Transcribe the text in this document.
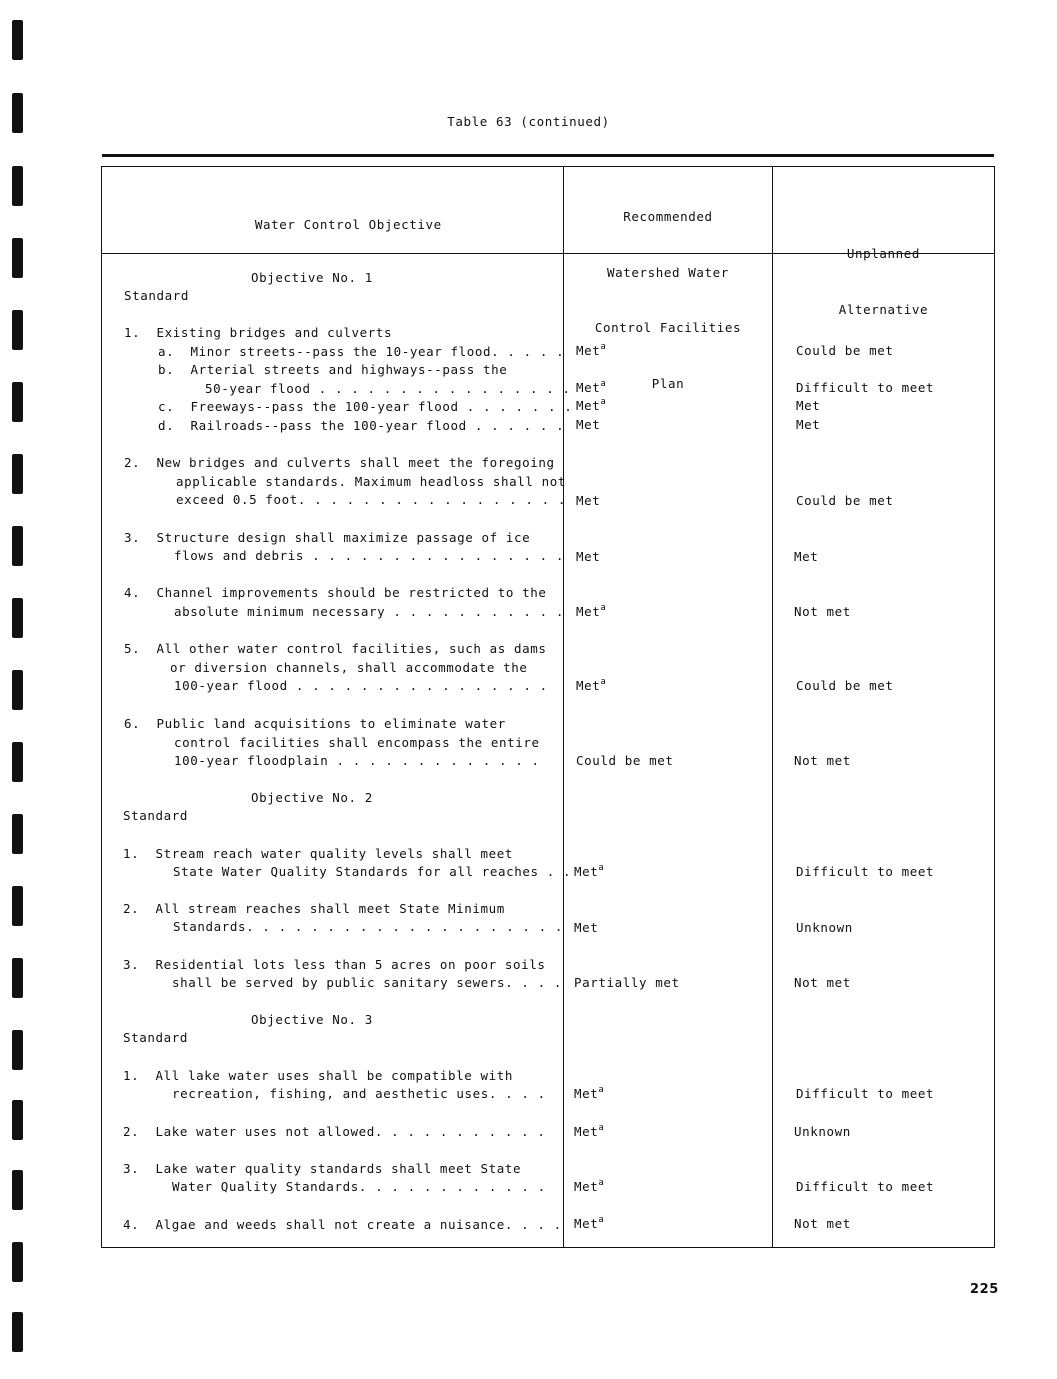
Table 63 (continued)

Water Control Objective

	Recommended

Watershed Water

Control Facilities

Plan

Unplanned

Alternative

Objective No. 1
Standard
1.  Existing bridges and culverts
a.  Minor streets--pass the 10-year flood. . . . . Met$^a$	Could be met
b.  Arterial streets and highways--pass the
50-year flood . . . . . . . . . . . . . . . . Met$^a$	Difficult to meet
c.  Freeways--pass the 100-year flood . . . . . . . Met$^a$	Met
d.  Railroads--pass the 100-year flood . . . . . . Met	Met
2.  New bridges and culverts shall meet the foregoing
applicable standards. Maximum headloss shall not
exceed 0.5 foot. . . . . . . . . . . . . . . . . Met	Could be met
3.  Structure design shall maximize passage of ice
flows and debris . . . . . . . . . . . . . . . . Met	Met
4.  Channel improvements should be restricted to the
absolute minimum necessary . . . . . . . . . . . Met$^a$	Not met
5.  All other water control facilities, such as dams
or diversion channels, shall accommodate the
100-year flood . . . . . . . . . . . . . . . . Met$^a$	Could be met
6.  Public land acquisitions to eliminate water
control facilities shall encompass the entire
100-year floodplain . . . . . . . . . . . . .	Could be met	Not met
Objective No. 2
Standard
1.  Stream reach water quality levels shall meet
State Water Quality Standards for all reaches . . Met$^a$	Difficult to meet
2.  All stream reaches shall meet State Minimum
Standards. . . . . . . . . . . . . . . . . . . . Met	Unknown
3.  Residential lots less than 5 acres on poor soils
shall be served by public sanitary sewers. . . . Partially met	Not met
Objective No. 3
Standard
1.  All lake water uses shall be compatible with
recreation, fishing, and aesthetic uses. . . . Met$^a$	Difficult to meet
2.  Lake water uses not allowed. . . . . . . . . . . Met$^a$	Unknown
3.  Lake water quality standards shall meet State
Water Quality Standards. . . . . . . . . . . . Met$^a$	Difficult to meet
4.  Algae and weeds shall not create a nuisance. . . . Met$^a$	Not met
225
